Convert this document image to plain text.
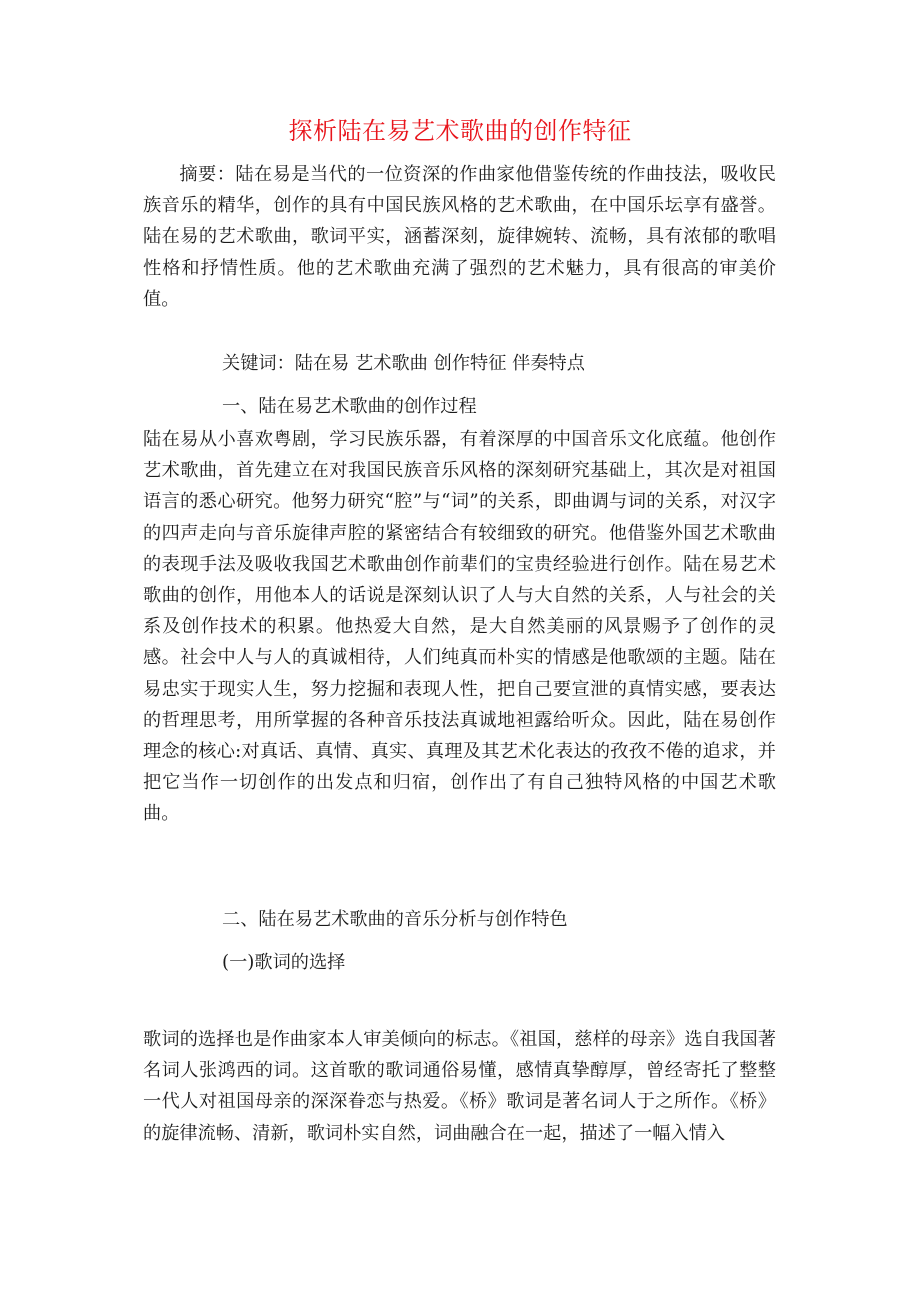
探析陆在易艺术歌曲的创作特征

摘要：陆在易是当代的一位资深的作曲家他借鉴传统的作曲技法，吸收民族音乐的精华，创作的具有中国民族风格的艺术歌曲，在中国乐坛享有盛誉。陆在易的艺术歌曲，歌词平实，涵蓄深刻，旋律婉转、流畅，具有浓郁的歌唱性格和抒情性质。他的艺术歌曲充满了强烈的艺术魅力，具有很高的审美价值。

关键词：陆在易 艺术歌曲 创作特征 伴奏特点
一、陆在易艺术歌曲的创作过程

陆在易从小喜欢粤剧，学习民族乐器，有着深厚的中国音乐文化底蕴。他创作艺术歌曲，首先建立在对我国民族音乐风格的深刻研究基础上，其次是对祖国语言的悉心研究。他努力研究“腔”与“词”的关系，即曲调与词的关系，对汉字的四声走向与音乐旋律声腔的紧密结合有较细致的研究。他借鉴外国艺术歌曲的表现手法及吸收我国艺术歌曲创作前辈们的宝贵经验进行创作。陆在易艺术歌曲的创作，用他本人的话说是深刻认识了人与大自然的关系，人与社会的关系及创作技术的积累。他热爱大自然，是大自然美丽的风景赐予了创作的灵感。社会中人与人的真诚相待，人们纯真而朴实的情感是他歌颂的主题。陆在易忠实于现实人生，努力挖掘和表现人性，把自己要宣泄的真情实感，要表达的哲理思考，用所掌握的各种音乐技法真诚地袒露给听众。因此，陆在易创作理念的核心:对真话、真情、真实、真理及其艺术化表达的孜孜不倦的追求，并把它当作一切创作的出发点和归宿，创作出了有自己独特风格的中国艺术歌曲。

二、陆在易艺术歌曲的音乐分析与创作特色
(一)歌词的选择

歌词的选择也是作曲家本人审美倾向的标志。《祖国，慈样的母亲》选自我国著名词人张鸿西的词。这首歌的歌词通俗易懂，感情真挚醇厚，曾经寄托了整整一代人对祖国母亲的深深眷恋与热爱。《桥》歌词是著名词人于之所作。《桥》的旋律流畅、清新，歌词朴实自然，词曲融合在一起，描述了一幅入情入
